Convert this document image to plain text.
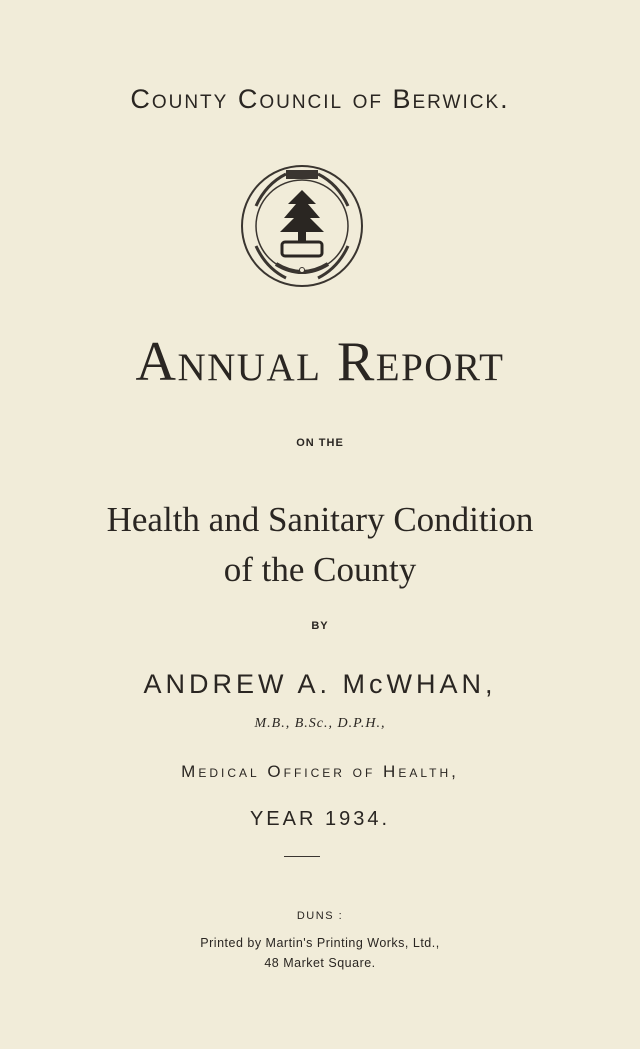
County Council of Berwick.
Annual Report
ON THE
Health and Sanitary Condition
of the County
BY
ANDREW A. McWHAN,
M.B., B.Sc., D.P.H.,
Medical Officer of Health,
YEAR 1934.
DUNS :
Printed by Martin's Printing Works, Ltd.,
48 Market Square.
